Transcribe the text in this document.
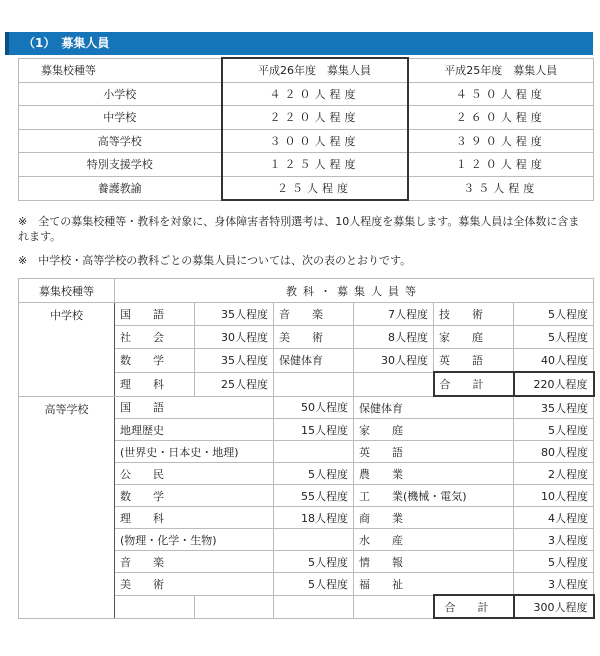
（1）　募集人員
募集校種等	平成26年度　募集人員	平成25年度　募集人員
小学校	４２０人程度	４５０人程度
中学校	２２０人程度	２６０人程度
高等学校	３００人程度	３９０人程度
特別支援学校	１２５人程度	１２０人程度
養護教諭	２５人程度	３５人程度
※　全ての募集校種等・教科を対象に、身体障害者特別選考は、10人程度を募集します。募集人員は全体数に含まれます。
※　中学校・高等学校の教科ごとの募集人員については、次の表のとおりです。
募集校種等	教科・募集人員等					
中学校	国　　語	35人程度	音　　楽	7人程度	技　　術	5人程度
	社　　会	30人程度	美　　術	8人程度	家　　庭	5人程度
	数　　学	35人程度	保健体育	30人程度	英　　語	40人程度
	理　　科	25人程度			合　　計	220人程度
高等学校	国　　語		50人程度	保健体育		35人程度
	地理歴史		15人程度	家　　庭		5人程度
	(世界史・日本史・地理)			英　　語		80人程度
	公　　民		5人程度	農　　業		2人程度
	数　　学		55人程度	工　　業(機械・電気)		10人程度
	理　　科		18人程度	商　　業		4人程度
	(物理・化学・生物)			水　　産		3人程度
	音　　楽		5人程度	情　　報		5人程度
	美　　術		5人程度	福　　祉		3人程度
					合　　計	300人程度
